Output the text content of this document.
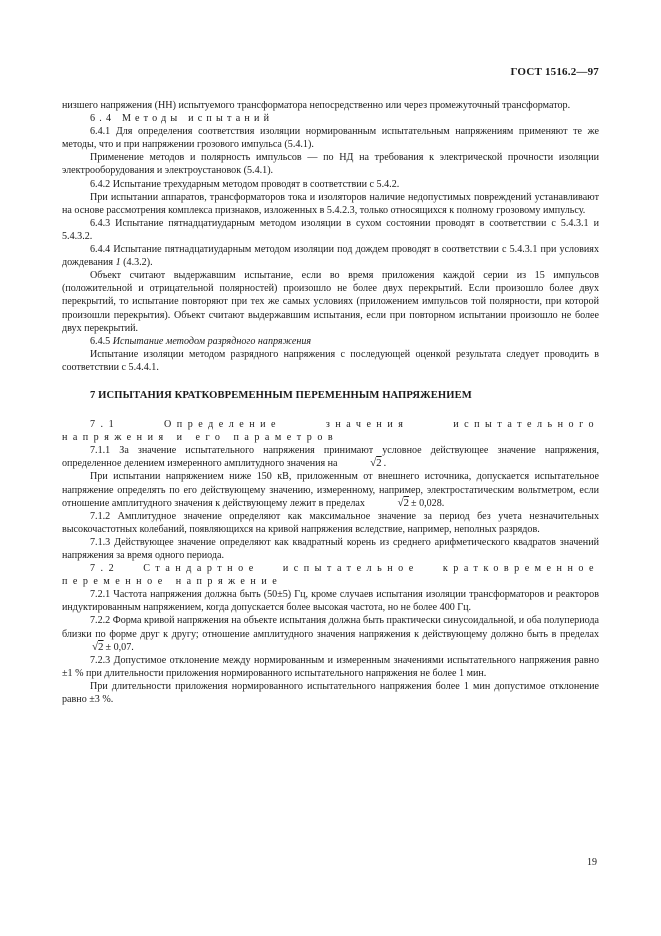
ГОСТ 1516.2—97

низшего напряжения (НН) испытуемого трансформатора непосредственно или через промежуточный трансформатор.

6.4 Методы испытаний

6.4.1 Для определения соответствия изоляции нормированным испытательным напряжениям применяют те же методы, что и при напряжении грозового импульса (5.4.1).

Применение методов и полярность импульсов — по НД на требования к электрической прочности изоляции электрооборудования и электроустановок (5.4.1).

6.4.2 Испытание трехударным методом проводят в соответствии с 5.4.2.

При испытании аппаратов, трансформаторов тока и изоляторов наличие недопустимых повреждений устанавливают на основе рассмотрения комплекса признаков, изложенных в 5.4.2.3, только относящихся к полному грозовому импульсу.

6.4.3 Испытание пятнадцатиударным методом изоляции в сухом состоянии проводят в соответствии с 5.4.3.1 и 5.4.3.2.

6.4.4 Испытание пятнадцатиударным методом изоляции под дождем проводят в соответствии с 5.4.3.1 при условиях дождевания 1 (4.3.2).

Объект считают выдержавшим испытание, если во время приложения каждой серии из 15 импульсов (положительной и отрицательной полярностей) произошло не более двух перекрытий. Если произошло более двух перекрытий, то испытание повторяют при тех же самых условиях (приложением импульсов той полярности, при которой произошли перекрытия). Объект считают выдержавшим испытания, если при повторном испытании произошло не более двух перекрытий.

6.4.5 Испытание методом разрядного напряжения

Испытание изоляции методом разрядного напряжения с последующей оценкой результата следует проводить в соответствии с 5.4.4.1.

7 ИСПЫТАНИЯ КРАТКОВРЕМЕННЫМ ПЕРЕМЕННЫМ НАПРЯЖЕНИЕМ

7.1 Определение значения испытательного напряжения и его параметров

7.1.1 За значение испытательного напряжения принимают условное действующее значение напряжения, определенное делением измеренного амплитудного значения на	√2 .

При испытании напряжением ниже 150 кВ, приложенным от внешнего источника, допускается испытательное напряжение определять по его действующему значению, измеренному, например, электростатическим вольтметром, если отношение амплитудного значения к действующему лежит в пределах	√2 ± 0,028.

7.1.2 Амплитудное значение определяют как максимальное значение за период без учета незначительных высокочастотных колебаний, появляющихся на кривой напряжения вследствие, например, неполных разрядов.

7.1.3 Действующее значение определяют как квадратный корень из среднего арифметического квадратов значений напряжения за время одного периода.

7.2 Стандартное испытательное кратковременное переменное напряжение

7.2.1 Частота напряжения должна быть (50±5) Гц, кроме случаев испытания изоляции трансформаторов и реакторов индуктированным напряжением, когда допускается более высокая частота, но не более 400 Гц.

7.2.2 Форма кривой напряжения на объекте испытания должна быть практически синусоидальной, и оба полупериода близки по форме друг к другу; отношение амплитудного значения напряжения к действующему должно быть в пределах √2 ± 0,07.

7.2.3 Допустимое отклонение между нормированным и измеренным значениями испытательного напряжения равно ±1 % при длительности приложения нормированного испытательного напряжения не более 1 мин.

При длительности приложения нормированного испытательного напряжения более 1 мин допустимое отклонение равно ±3 %.

19
